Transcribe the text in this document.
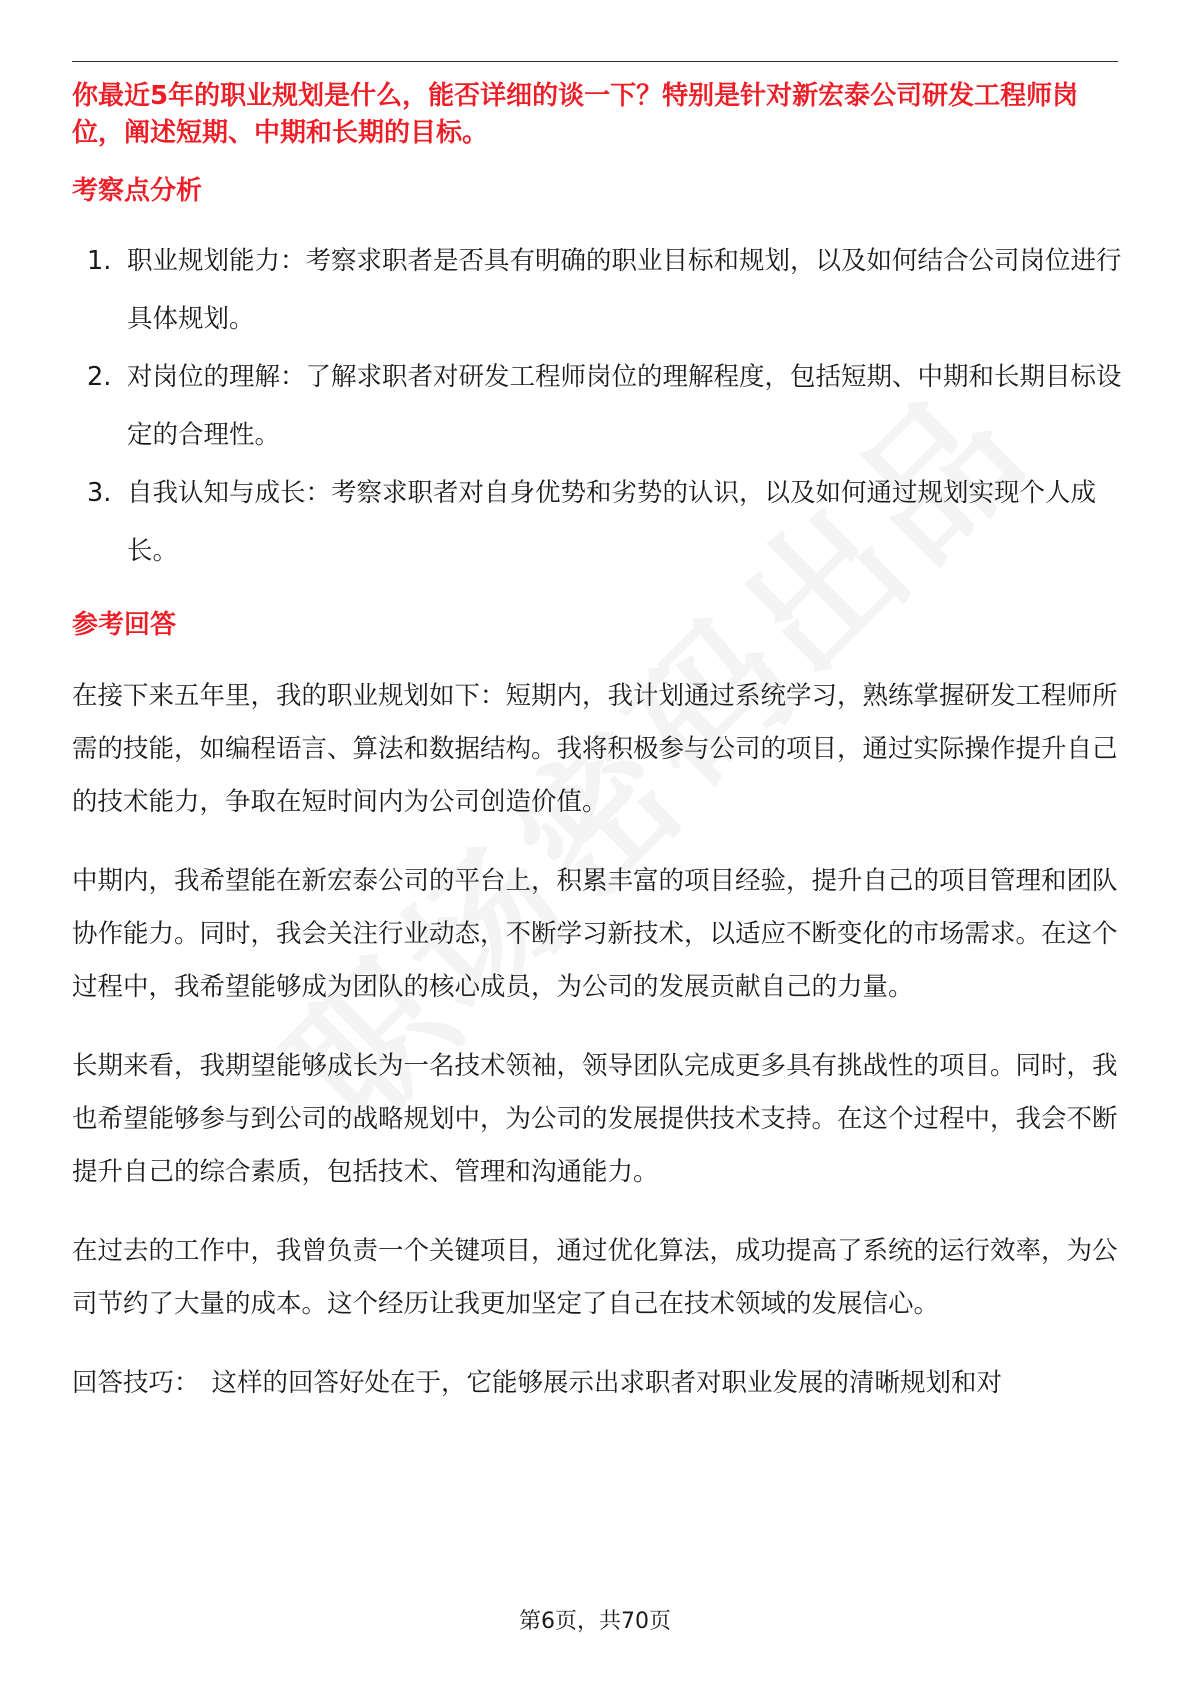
你最近5年的职业规划是什么，能否详细的谈一下？特别是针对新宏泰公司研发工程师岗位，阐述短期、中期和长期的目标。

考察点分析
1. 职业规划能力：考察求职者是否具有明确的职业目标和规划，以及如何结合公司岗位进行具体规划。
2. 对岗位的理解：了解求职者对研发工程师岗位的理解程度，包括短期、中期和长期目标设定的合理性。
3. 自我认知与成长：考察求职者对自身优势和劣势的认识，以及如何通过规划实现个人成长。
参考回答

在接下来五年里，我的职业规划如下：短期内，我计划通过系统学习，熟练掌握研发工程师所需的技能，如编程语言、算法和数据结构。我将积极参与公司的项目，通过实际操作提升自己的技术能力，争取在短时间内为公司创造价值。

中期内，我希望能在新宏泰公司的平台上，积累丰富的项目经验，提升自己的项目管理和团队协作能力。同时，我会关注行业动态，不断学习新技术，以适应不断变化的市场需求。在这个过程中，我希望能够成为团队的核心成员，为公司的发展贡献自己的力量。

长期来看，我期望能够成长为一名技术领袖，领导团队完成更多具有挑战性的项目。同时，我也希望能够参与到公司的战略规划中，为公司的发展提供技术支持。在这个过程中，我会不断提升自己的综合素质，包括技术、管理和沟通能力。

在过去的工作中，我曾负责一个关键项目，通过优化算法，成功提高了系统的运行效率，为公司节约了大量的成本。这个经历让我更加坚定了自己在技术领域的发展信心。

回答技巧： 这样的回答好处在于，它能够展示出求职者对职业发展的清晰规划和对

第6页，共70页
